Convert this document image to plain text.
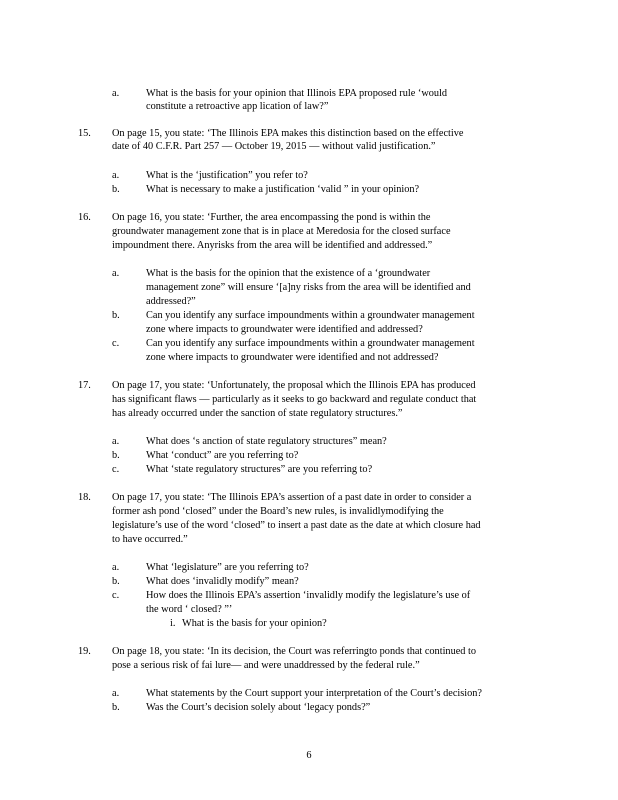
a.	What is the basis for your opinion that Illinois EPA proposed rule ‘would
constitute a retroactive app lication of law?”
15. On page 15, you state: ‘The Illinois EPA makes this distinction based on the effective
date of 40 C.F.R. Part 257 — October 19, 2015 — without valid justification.”
a.	What is the ‘justification” you refer to?
b.	What is necessary to make a justification ‘valid ” in your opinion?
16. On page 16, you state: ‘Further, the area encompassing the pond is within the
groundwater management zone that is in place at Meredosia for the closed surface
impoundment there. Anyrisks from the area will be identified and addressed.”
a.	What is the basis for the opinion that the existence of a ‘groundwater
management zone” will ensure ‘[a]ny risks from the area will be identified and
addressed?”
b.	Can you identify any surface impoundments within a groundwater management
zone where impacts to groundwater were identified and addressed?
c.	Can you identify any surface impoundments within a groundwater management
zone where impacts to groundwater were identified and not addressed?
17. On page 17, you state: ‘Unfortunately, the proposal which the Illinois EPA has produced
has significant flaws — particularly as it seeks to go backward and regulate conduct that
has already occurred under the sanction of state regulatory structures.”
a.	What does ‘s anction of state regulatory structures” mean?
b.	What ‘conduct” are you referring to?
c.	What ‘state regulatory structures” are you referring to?
18. On page 17, you state: ‘The Illinois EPA’s assertion of a past date in order to consider a
former ash pond ‘closed” under the Board’s new rules, is invalidlymodifying the
legislature’s use of the word ‘closed” to insert a past date as the date at which closure had
to have occurred.”
a.	What ‘legislature” are you referring to?
b.	What does ‘invalidly modify” mean?
c.	How does the Illinois EPA’s assertion ‘invalidly modify the legislature’s use of
the word ‘ closed? ”’
i. What is the basis for your opinion?
19. On page 18, you state: ‘In its decision, the Court was referringto ponds that continued to
pose a serious risk of fai lure— and were unaddressed by the federal rule.”
a.	What statements by the Court support your interpretation of the Court’s decision?
b.	Was the Court’s decision solely about ‘legacy ponds?”
6
